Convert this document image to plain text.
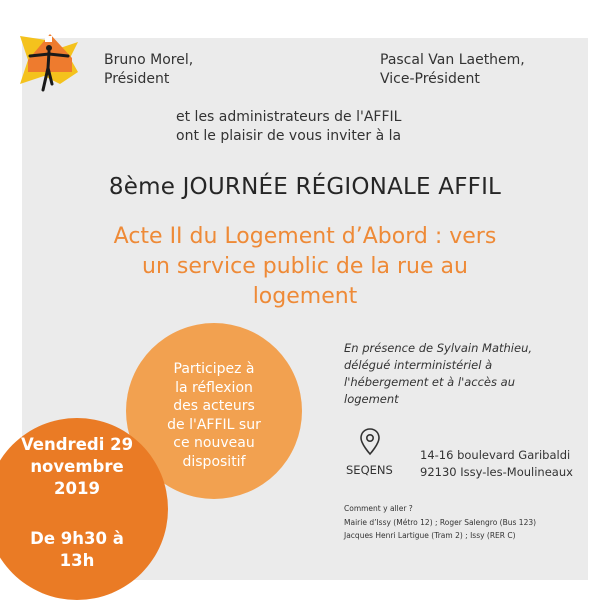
Bruno Morel,
Président
Pascal Van Laethem,
Vice-Président
et les administrateurs de l'AFFIL
ont le plaisir de vous inviter à la
8ème JOURNÉE RÉGIONALE AFFIL
Acte II du Logement d’Abord : vers
un service public de la rue au
logement
En présence de Sylvain Mathieu,
délégué interministériel à
l'hébergement et à l'accès au
logement
Participez à
la réflexion
des acteurs
de l'AFFIL sur
ce nouveau
dispositif
Vendredi 29
novembre
2019
De 9h30 à
13h
SEQENS
14-16 boulevard Garibaldi
92130 Issy-les-Moulineaux
Comment y aller ?
Mairie d’Issy (Métro 12) ; Roger Salengro (Bus 123)
Jacques Henri Lartigue (Tram 2) ; Issy (RER C)
